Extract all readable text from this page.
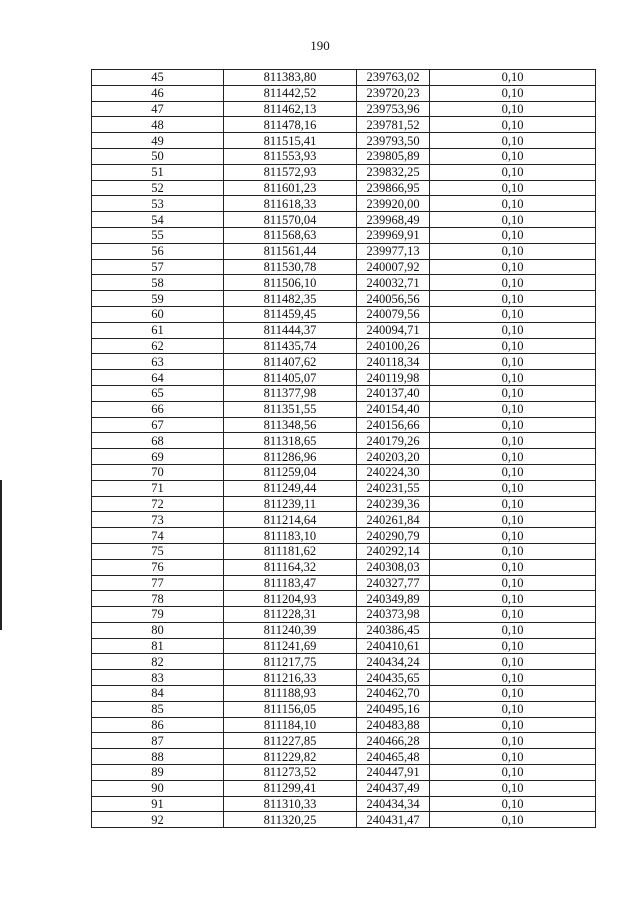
190
45	811383,80	239763,02	0,10
46	811442,52	239720,23	0,10
47	811462,13	239753,96	0,10
48	811478,16	239781,52	0,10
49	811515,41	239793,50	0,10
50	811553,93	239805,89	0,10
51	811572,93	239832,25	0,10
52	811601,23	239866,95	0,10
53	811618,33	239920,00	0,10
54	811570,04	239968,49	0,10
55	811568,63	239969,91	0,10
56	811561,44	239977,13	0,10
57	811530,78	240007,92	0,10
58	811506,10	240032,71	0,10
59	811482,35	240056,56	0,10
60	811459,45	240079,56	0,10
61	811444,37	240094,71	0,10
62	811435,74	240100,26	0,10
63	811407,62	240118,34	0,10
64	811405,07	240119,98	0,10
65	811377,98	240137,40	0,10
66	811351,55	240154,40	0,10
67	811348,56	240156,66	0,10
68	811318,65	240179,26	0,10
69	811286,96	240203,20	0,10
70	811259,04	240224,30	0,10
71	811249,44	240231,55	0,10
72	811239,11	240239,36	0,10
73	811214,64	240261,84	0,10
74	811183,10	240290,79	0,10
75	811181,62	240292,14	0,10
76	811164,32	240308,03	0,10
77	811183,47	240327,77	0,10
78	811204,93	240349,89	0,10
79	811228,31	240373,98	0,10
80	811240,39	240386,45	0,10
81	811241,69	240410,61	0,10
82	811217,75	240434,24	0,10
83	811216,33	240435,65	0,10
84	811188,93	240462,70	0,10
85	811156,05	240495,16	0,10
86	811184,10	240483,88	0,10
87	811227,85	240466,28	0,10
88	811229,82	240465,48	0,10
89	811273,52	240447,91	0,10
90	811299,41	240437,49	0,10
91	811310,33	240434,34	0,10
92	811320,25	240431,47	0,10
